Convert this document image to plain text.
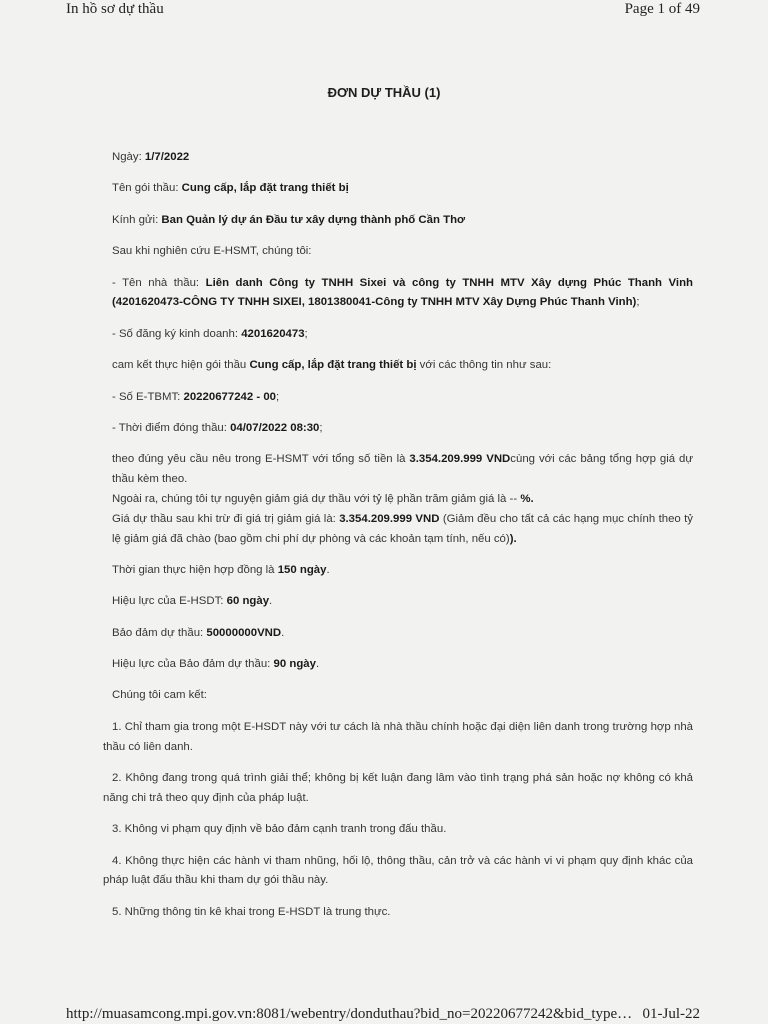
In hồ sơ dự thầu	Page 1 of 49
ĐƠN DỰ THẦU (1)

Ngày: 1/7/2022

Tên gói thầu: Cung cấp, lắp đặt trang thiết bị

Kính gửi: Ban Quản lý dự án Đầu tư xây dựng thành phố Cần Thơ

Sau khi nghiên cứu E-HSMT, chúng tôi:

- Tên nhà thầu: Liên danh Công ty TNHH Sixei và công ty TNHH MTV Xây dựng Phúc Thanh Vinh (4201620473-CÔNG TY TNHH SIXEI, 1801380041-Công ty TNHH MTV Xây Dựng Phúc Thanh Vinh);

- Số đăng ký kinh doanh: 4201620473;

cam kết thực hiện gói thầu Cung cấp, lắp đặt trang thiết bị với các thông tin như sau:

- Số E-TBMT: 20220677242 - 00;

- Thời điểm đóng thầu: 04/07/2022 08:30;

theo đúng yêu cầu nêu trong E-HSMT với tổng số tiền là 3.354.209.999 VNDcùng với các bảng tổng hợp giá dự thầu kèm theo.
Ngoài ra, chúng tôi tự nguyện giảm giá dự thầu với tỷ lệ phần trăm giảm giá là -- %.
Giá dự thầu sau khi trừ đi giá trị giảm giá là: 3.354.209.999 VND (Giảm đều cho tất cả các hạng mục chính theo tỷ lệ giảm giá đã chào (bao gồm chi phí dự phòng và các khoản tạm tính, nếu có)).

Thời gian thực hiện hợp đồng là 150 ngày.

Hiệu lực của E-HSDT: 60 ngày.

Bảo đảm dự thầu: 50000000VND.

Hiệu lực của Bảo đảm dự thầu: 90 ngày.

Chúng tôi cam kết:

1. Chỉ tham gia trong một E-HSDT này với tư cách là nhà thầu chính hoặc đại diện liên danh trong trường hợp nhà thầu có liên danh.

2. Không đang trong quá trình giải thể; không bị kết luận đang lâm vào tình trạng phá sản hoặc nợ không có khả năng chi trả theo quy định của pháp luật.

3. Không vi phạm quy định về bảo đảm cạnh tranh trong đấu thầu.

4. Không thực hiện các hành vi tham nhũng, hối lộ, thông thầu, cản trở và các hành vi vi phạm quy định khác của pháp luật đấu thầu khi tham dự gói thầu này.

5. Những thông tin kê khai trong E-HSDT là trung thực.

http://muasamcong.mpi.gov.vn:8081/webentry/donduthau?bid_no=20220677242&bid_type… 01-Jul-22
